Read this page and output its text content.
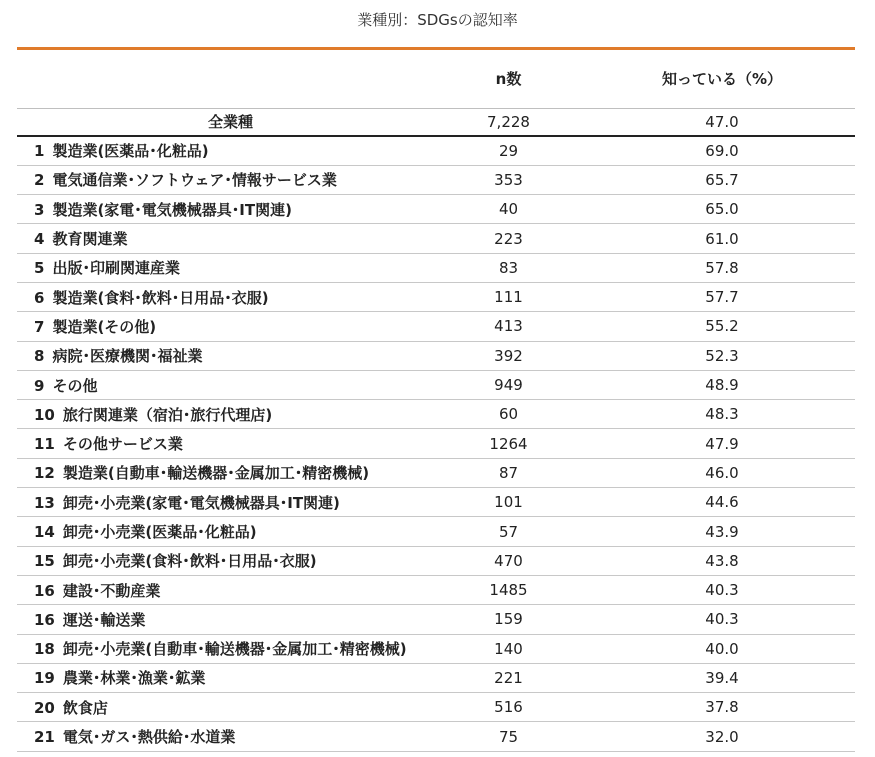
業種別：SDGsの認知率
	n数	知っている（%）
全業種	7,228	47.0
1 製造業(医薬品･化粧品)	29	69.0
2 電気通信業･ソフトウェア･情報サービス業	353	65.7
3 製造業(家電･電気機械器具･IT関連)	40	65.0
4 教育関連業	223	61.0
5 出版･印刷関連産業	83	57.8
6 製造業(食料･飲料･日用品･衣服)	111	57.7
7 製造業(その他)	413	55.2
8 病院･医療機関･福祉業	392	52.3
9 その他	949	48.9
10 旅行関連業（宿泊･旅行代理店)	60	48.3
11 その他サービス業	1264	47.9
12 製造業(自動車･輸送機器･金属加工･精密機械)	87	46.0
13 卸売･小売業(家電･電気機械器具･IT関連)	101	44.6
14 卸売･小売業(医薬品･化粧品)	57	43.9
15 卸売･小売業(食料･飲料･日用品･衣服)	470	43.8
16 建設･不動産業	1485	40.3
16 運送･輸送業	159	40.3
18 卸売･小売業(自動車･輸送機器･金属加工･精密機械)	140	40.0
19 農業･林業･漁業･鉱業	221	39.4
20 飲食店	516	37.8
21 電気･ガス･熱供給･水道業	75	32.0
